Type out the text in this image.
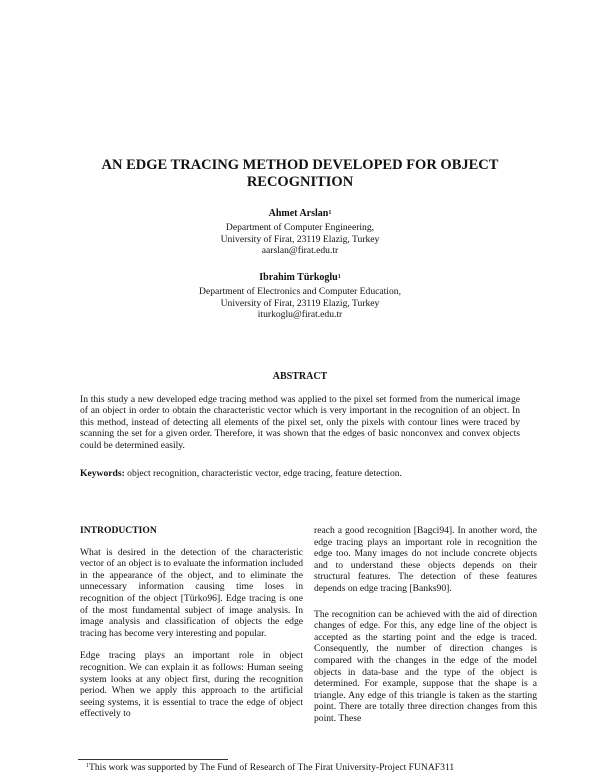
AN EDGE TRACING METHOD DEVELOPED FOR OBJECT
RECOGNITION
Ahmet Arslan$^1$
Department of Computer Engineering,
University of Firat, 23119 Elazig, Turkey
aarslan@firat.edu.tr
Ibrahim Türkoglu$^1$
Department of Electronics and Computer Education,
University of Firat, 23119 Elazig, Turkey
iturkoglu@firat.edu.tr
ABSTRACT
In this study a new developed edge tracing method was applied to the pixel set formed from the numerical image of an object in order to obtain the characteristic vector which is very important in the recognition of an object. In this method, instead of detecting all elements of the pixel set, only the pixels with contour lines were traced by scanning the set for a given order. Therefore, it was shown that the edges of basic nonconvex and convex objects could be determined easily.
Keywords: object recognition, characteristic vector, edge tracing, feature detection.
INTRODUCTION

What is desired in the detection of the characteristic vector of an object is to evaluate the information included in the appearance of the object, and to eliminate the unnecessary information causing time loses in recognition of the object [Türko96]. Edge tracing is one of the most fundamental subject of image analysis. In image analysis and classification of objects the edge tracing has become very interesting and popular.

Edge tracing plays an important role in object recognition. We can explain it as follows: Human seeing system looks at any object first, during the recognition period. When we apply this approach to the artificial seeing systems, it is essential to trace the edge of object effectively to

reach a good recognition [Bagci94]. In another word, the edge tracing plays an important role in recognition the edge too. Many images do not include concrete objects and to understand these objects depends on their structural features. The detection of these features depends on edge tracing [Banks90].

The recognition can be achieved with the aid of direction changes of edge. For this, any edge line of the object is accepted as the starting point and the edge is traced. Consequently, the number of direction changes is compared with the changes in the edge of the model objects in data-base and the type of the object is determined. For example, suppose that the shape is a triangle. Any edge of this triangle is taken as the starting point. There are totally three direction changes from this point. These

$^1$This work was supported by The Fund of Research of The Firat University-Project FUNAF311
